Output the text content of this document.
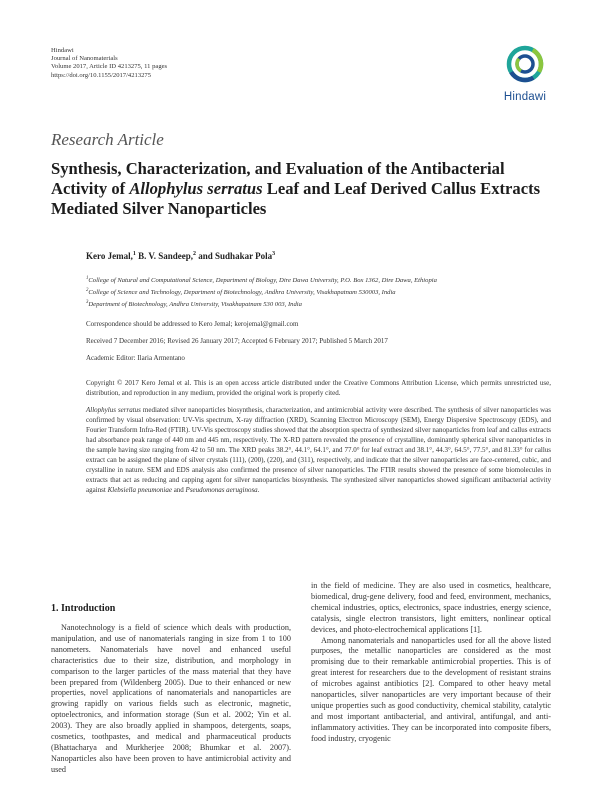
Hindawi
Journal of Nanomaterials
Volume 2017, Article ID 4213275, 11 pages
https://doi.org/10.1155/2017/4213275
Hindawi
Research Article
Synthesis, Characterization, and Evaluation of the Antibacterial Activity of Allophylus serratus Leaf and Leaf Derived Callus Extracts Mediated Silver Nanoparticles
Kero Jemal,$^1$ B. V. Sandeep,$^2$ and Sudhakar Pola$^3$
$^1$College of Natural and Computational Science, Department of Biology, Dire Dawa University, P.O. Box 1362, Dire Dawa, Ethiopia
$^2$College of Science and Technology, Department of Biotechnology, Andhra University, Visakhapatnam 530003, India
$^3$Department of Biotechnology, Andhra University, Visakhapatnam 530 003, India
Correspondence should be addressed to Kero Jemal; kerojemal@gmail.com
Received 7 December 2016; Revised 26 January 2017; Accepted 6 February 2017; Published 5 March 2017
Academic Editor: Ilaria Armentano
Copyright © 2017 Kero Jemal et al. This is an open access article distributed under the Creative Commons Attribution License, which permits unrestricted use, distribution, and reproduction in any medium, provided the original work is properly cited.
Allophylus serratus mediated silver nanoparticles biosynthesis, characterization, and antimicrobial activity were described. The synthesis of silver nanoparticles was confirmed by visual observation: UV-Vis spectrum, X-ray diffraction (XRD), Scanning Electron Microscopy (SEM), Energy Dispersive Spectroscopy (EDS), and Fourier Transform Infra-Red (FTIR). UV-Vis spectroscopy studies showed that the absorption spectra of synthesized silver nanoparticles from leaf and callus extracts had absorbance peak range of 440 nm and 445 nm, respectively. The X-RD pattern revealed the presence of crystalline, dominantly spherical silver nanoparticles in the sample having size ranging from 42 to 50 nm. The XRD peaks 38.2°, 44.1°, 64.1°, and 77.0° for leaf extract and 38.1°, 44.3°, 64.5°, 77.5°, and 81.33° for callus extract can be assigned the plane of silver crystals (111), (200), (220), and (311), respectively, and indicate that the silver nanoparticles are face-centered, cubic, and crystalline in nature. SEM and EDS analysis also confirmed the presence of silver nanoparticles. The FTIR results showed the presence of some biomolecules in extracts that act as reducing and capping agent for silver nanoparticles biosynthesis. The synthesized silver nanoparticles showed significant antibacterial activity against Klebsiella pneumoniae and Pseudomonas aeruginosa.
1. Introduction

Nanotechnology is a field of science which deals with production, manipulation, and use of nanomaterials ranging in size from 1 to 100 nanometers. Nanomaterials have novel and enhanced useful characteristics due to their size, distribution, and morphology in comparison to the larger particles of the mass material that they have been prepared from (Wildenberg 2005). Due to their enhanced or new properties, novel applications of nanomaterials and nanoparticles are growing rapidly on various fields such as electronic, magnetic, optoelectronics, and information storage (Sun et al. 2002; Yin et al. 2003). They are also broadly applied in shampoos, detergents, soaps, cosmetics, toothpastes, and medical and pharmaceutical products (Bhattacharya and Murkherjee 2008; Bhumkar et al. 2007). Nanoparticles also have been proven to have antimicrobial activity and used

in the field of medicine. They are also used in cosmetics, healthcare, biomedical, drug-gene delivery, food and feed, environment, mechanics, chemical industries, optics, electronics, space industries, energy science, catalysis, single electron transistors, light emitters, nonlinear optical devices, and photo-electrochemical applications [1].

Among nanomaterials and nanoparticles used for all the above listed purposes, the metallic nanoparticles are considered as the most promising due to their remarkable antimicrobial properties. This is of great interest for researchers due to the development of resistant strains of microbes against antibiotics [2]. Compared to other heavy metal nanoparticles, silver nanoparticles are very important because of their unique properties such as good conductivity, chemical stability, catalytic and most important antibacterial, and antiviral, antifungal, and anti-inflammatory activities. They can be incorporated into composite fibers, food industry, cryogenic
